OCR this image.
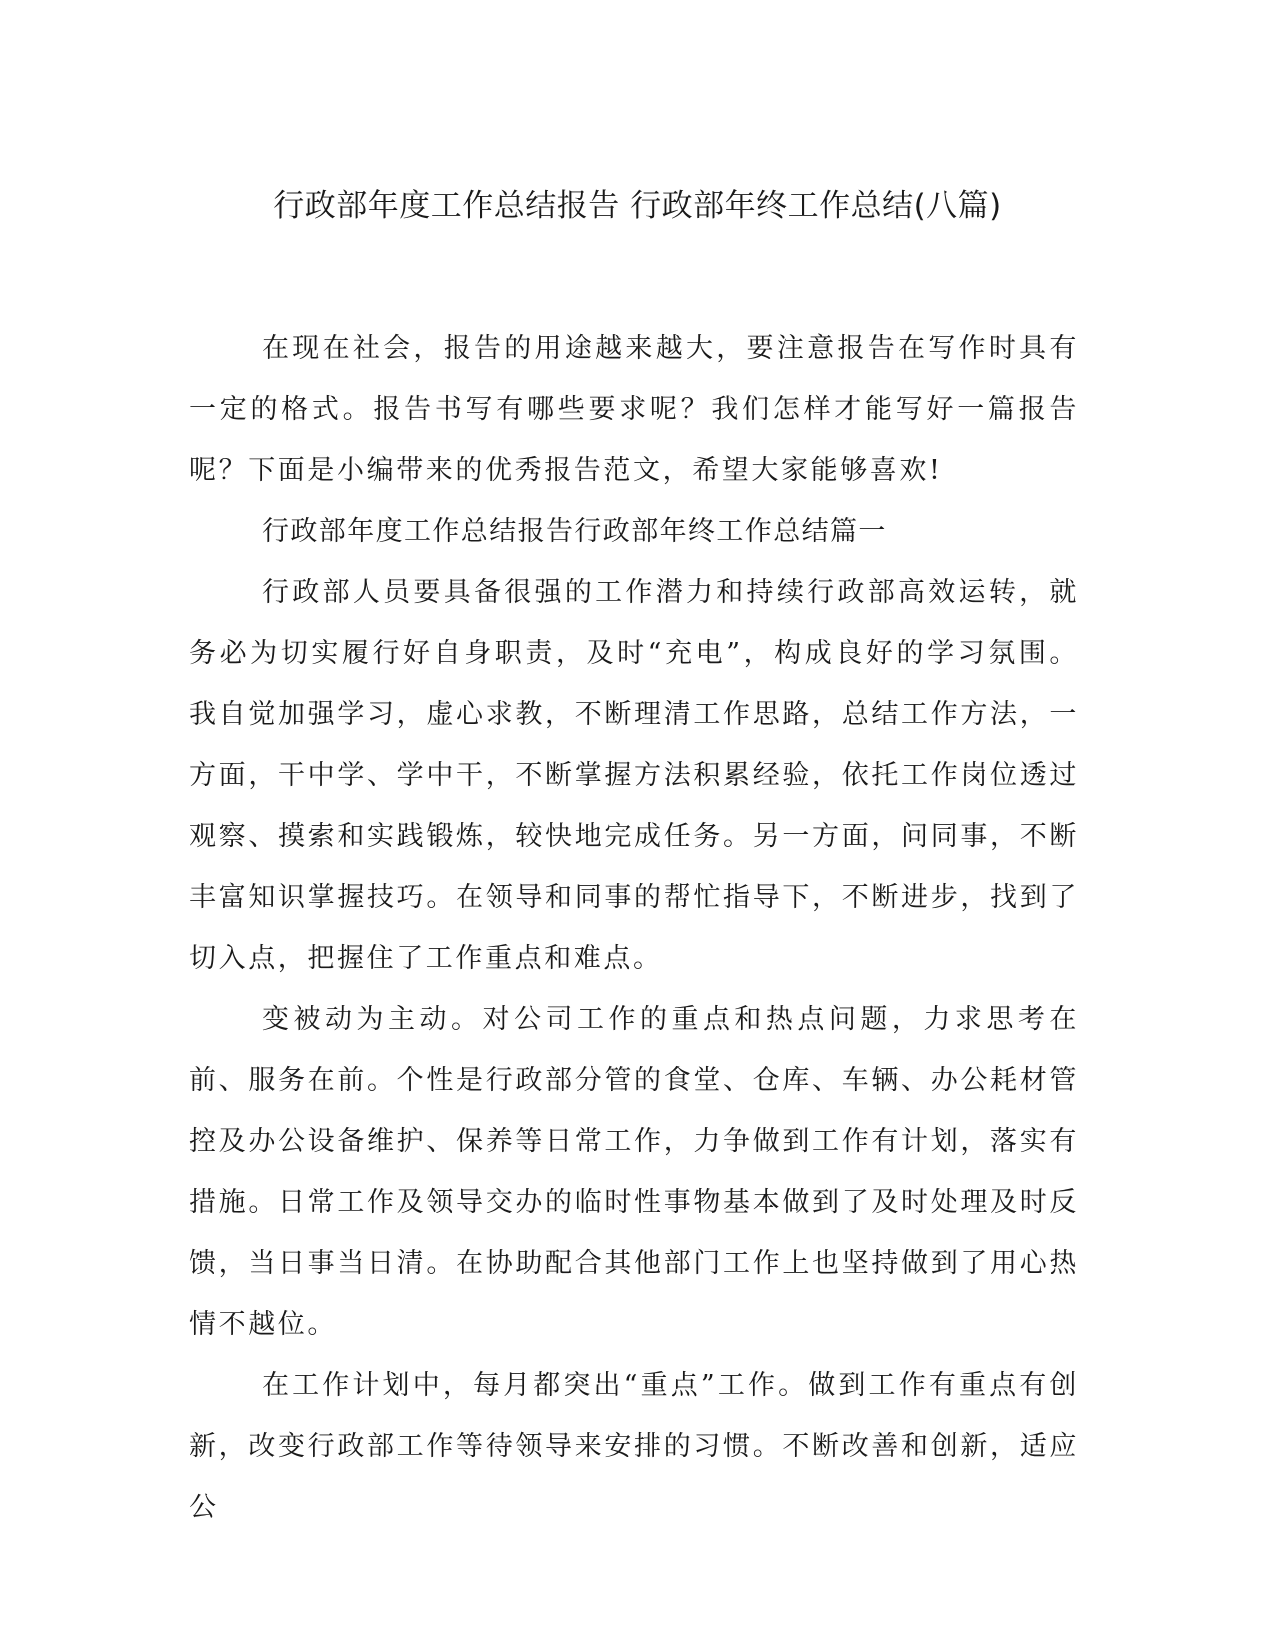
行政部年度工作总结报告 行政部年终工作总结(八篇)

在现在社会，报告的用途越来越大，要注意报告在写作时具有一定的格式。报告书写有哪些要求呢？我们怎样才能写好一篇报告呢？下面是小编带来的优秀报告范文，希望大家能够喜欢!

行政部年度工作总结报告行政部年终工作总结篇一

行政部人员要具备很强的工作潜力和持续行政部高效运转，就务必为切实履行好自身职责，及时“充电”，构成良好的学习氛围。我自觉加强学习，虚心求教，不断理清工作思路，总结工作方法，一方面，干中学、学中干，不断掌握方法积累经验，依托工作岗位透过观察、摸索和实践锻炼，较快地完成任务。另一方面，问同事，不断丰富知识掌握技巧。在领导和同事的帮忙指导下，不断进步，找到了切入点，把握住了工作重点和难点。

变被动为主动。对公司工作的重点和热点问题，力求思考在前、服务在前。个性是行政部分管的食堂、仓库、车辆、办公耗材管控及办公设备维护、保养等日常工作，力争做到工作有计划，落实有措施。日常工作及领导交办的临时性事物基本做到了及时处理及时反馈，当日事当日清。在协助配合其他部门工作上也坚持做到了用心热情不越位。

在工作计划中，每月都突出“重点”工作。做到工作有重点有创新，改变行政部工作等待领导来安排的习惯。不断改善和创新，适应公
